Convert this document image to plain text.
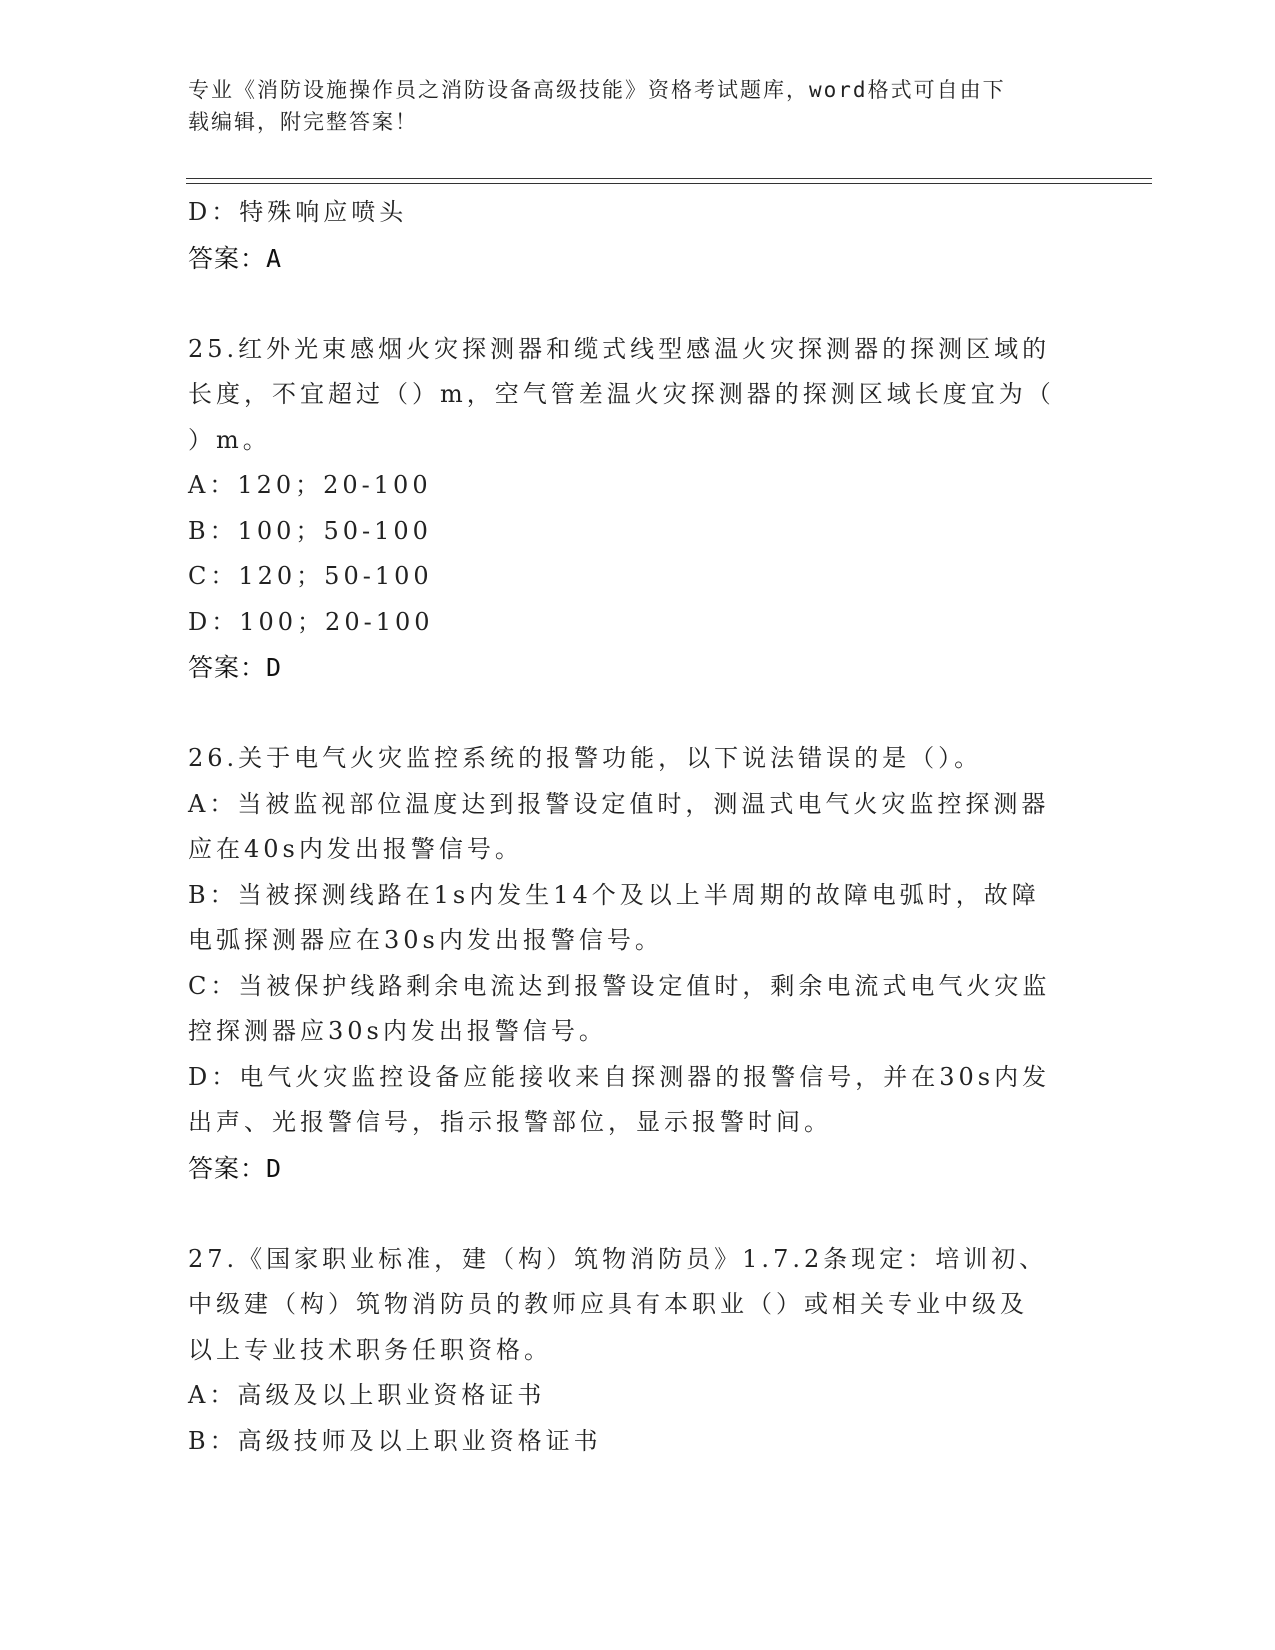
专业《消防设施操作员之消防设备高级技能》资格考试题库，word格式可自由下
载编辑，附完整答案！

D：特殊响应喷头

答案：A

25.红外光束感烟火灾探测器和缆式线型感温火灾探测器的探测区域的

长度，不宜超过（）m，空气管差温火灾探测器的探测区域长度宜为（

）m。

A：120；20-100

B：100；50-100

C：120；50-100

D：100；20-100

答案：D

26.关于电气火灾监控系统的报警功能，以下说法错误的是（）。

A：当被监视部位温度达到报警设定值时，测温式电气火灾监控探测器

应在40s内发出报警信号。

B：当被探测线路在1s内发生14个及以上半周期的故障电弧时，故障

电弧探测器应在30s内发出报警信号。

C：当被保护线路剩余电流达到报警设定值时，剩余电流式电气火灾监

控探测器应30s内发出报警信号。

D：电气火灾监控设备应能接收来自探测器的报警信号，并在30s内发

出声、光报警信号，指示报警部位，显示报警时间。

答案：D

27.《国家职业标准，建（构）筑物消防员》1.7.2条现定：培训初、

中级建（构）筑物消防员的教师应具有本职业（）或相关专业中级及

以上专业技术职务任职资格。

A：高级及以上职业资格证书

B：高级技师及以上职业资格证书
